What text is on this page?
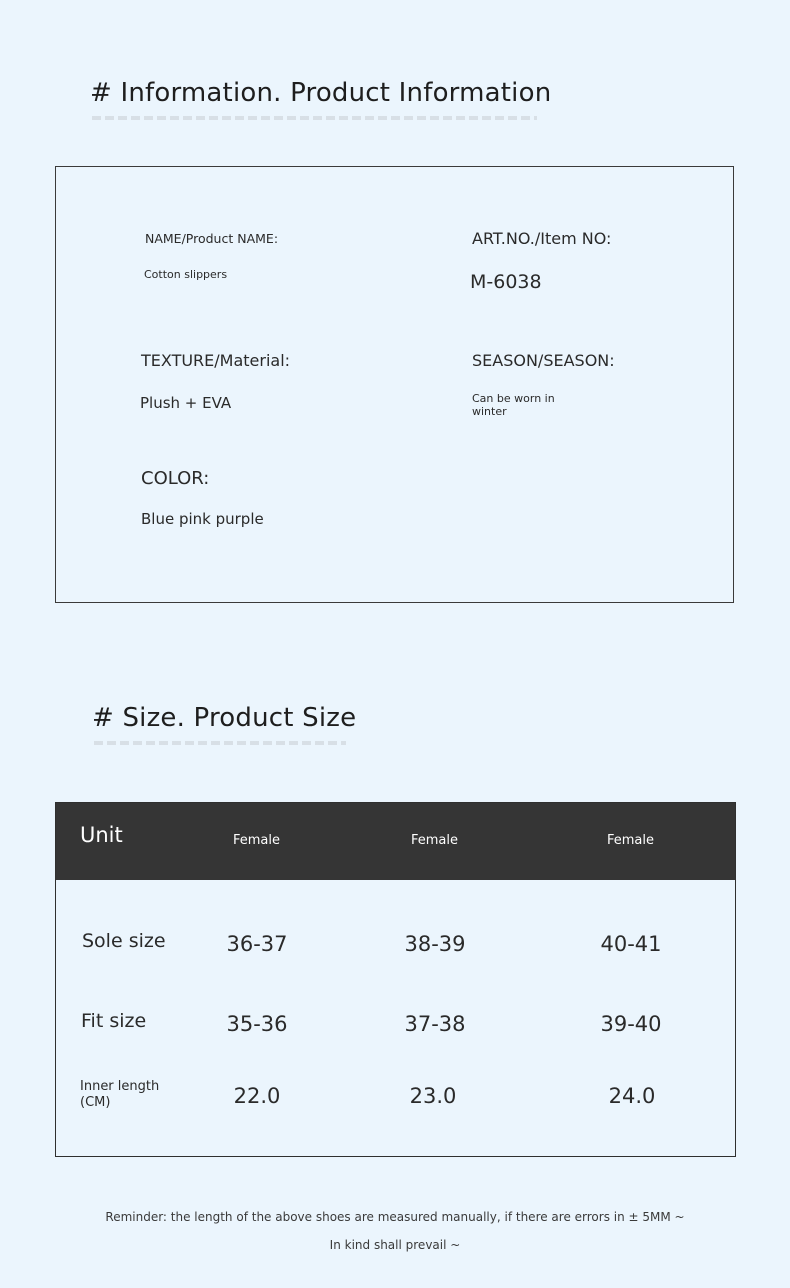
# Information. Product Information
NAME/Product NAME:
Cotton slippers
ART.NO./Item NO:
M-6038
TEXTURE/Material:
Plush + EVA
SEASON/SEASON:
Can be worn in winter
COLOR:
Blue pink purple
# Size. Product Size
Unit	Female	Female	Female
Sole size	36-37	38-39	40-41
Fit size	35-36	37-38	39-40
Inner length (CM)	22.0	23.0	24.0
Reminder: the length of the above shoes are measured manually, if there are errors in ± 5MM ~
In kind shall prevail ~
